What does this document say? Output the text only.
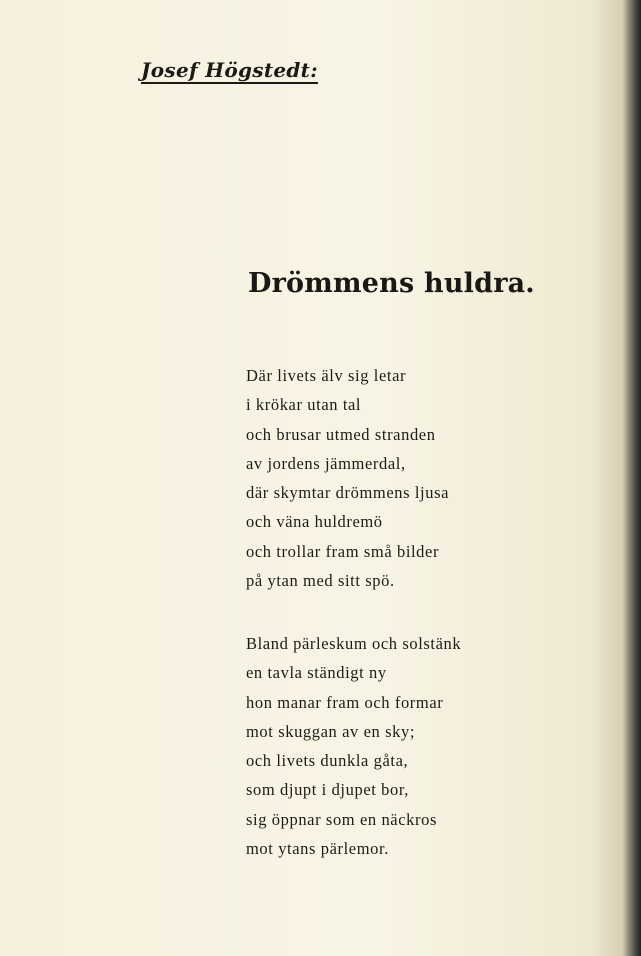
Josef Högstedt:
Drömmens huldra.
Där livets älv sig letar
i krökar utan tal
och brusar utmed stranden
av jordens jämmerdal,
där skymtar drömmens ljusa
och väna huldremö
och trollar fram små bilder
på ytan med sitt spö.
Bland pärleskum och solstänk
en tavla ständigt ny
hon manar fram och formar
mot skuggan av en sky;
och livets dunkla gåta,
som djupt i djupet bor,
sig öppnar som en näckros
mot ytans pärlemor.
